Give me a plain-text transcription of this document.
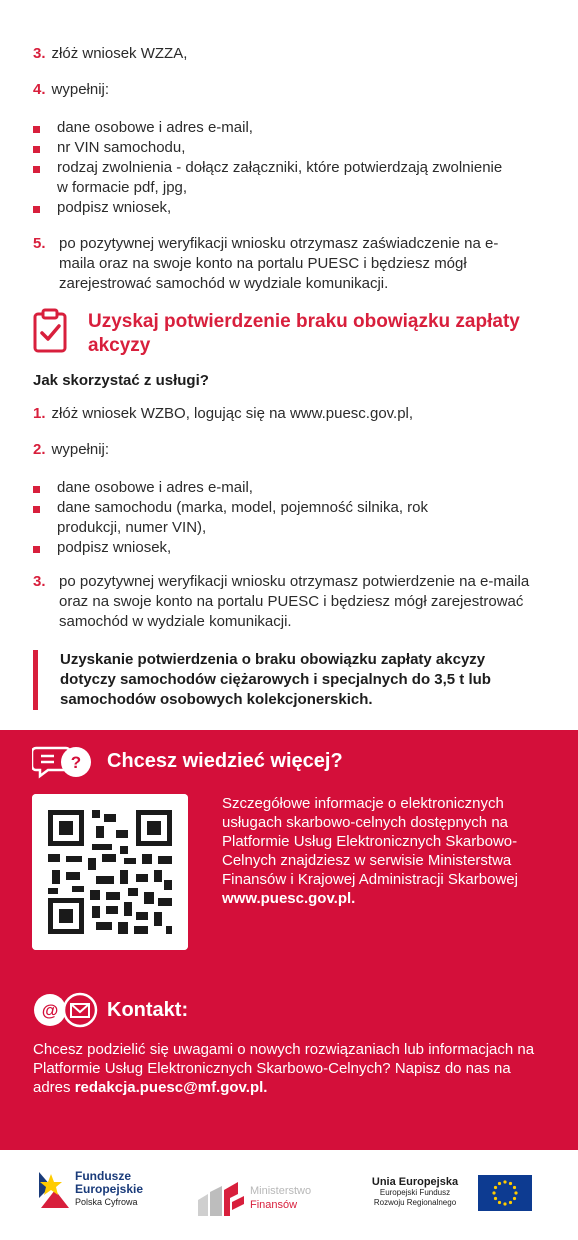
3. złóż wniosek WZZA,
4. wypełnij:
dane osobowe i adres e-mail,
nr VIN samochodu,
rodzaj zwolnienia - dołącz załączniki, które potwierdzają zwolnienie w formacie pdf, jpg,
podpisz wniosek,
5. po pozytywnej weryfikacji wniosku otrzymasz zaświadczenie na e-maila oraz na swoje konto na portalu PUESC i będziesz mógł zarejestrować samochód w wydziale komunikacji.
Uzyskaj potwierdzenie braku obowiązku zapłaty akcyzy
Jak skorzystać z usługi?
1. złóż wniosek WZBO, logując się na www.puesc.gov.pl,
2. wypełnij:
dane osobowe i adres e-mail,
dane samochodu (marka, model, pojemność silnika, rok produkcji, numer VIN),
podpisz wniosek,
3. po pozytywnej weryfikacji wniosku otrzymasz potwierdzenie na e-maila oraz na swoje konto na portalu PUESC i będziesz mógł zarejestrować samochód w wydziale komunikacji.
Uzyskanie potwierdzenia o braku obowiązku zapłaty akcyzy dotyczy samochodów ciężarowych i specjalnych do 3,5 t lub samochodów osobowych kolekcjonerskich.
? Chcesz wiedzieć więcej?
Szczegółowe informacje o elektronicznych usługach skarbowo-celnych dostępnych na Platformie Usług Elektronicznych Skarbowo-Celnych znajdziesz w serwisie Ministerstwa Finansów i Krajowej Administracji Skarbowej www.puesc.gov.pl.
@ Kontakt:
Chcesz podzielić się uwagami o nowych rozwiązaniach lub informacjach na Platformie Usług Elektronicznych Skarbowo-Celnych? Napisz do nas na adres redakcja.puesc@mf.gov.pl.
Fundusze
Europejskie
Polska Cyfrowa
Ministerstwo
Finansów
Unia Europejska
Europejski Fundusz
Rozwoju Regionalnego
